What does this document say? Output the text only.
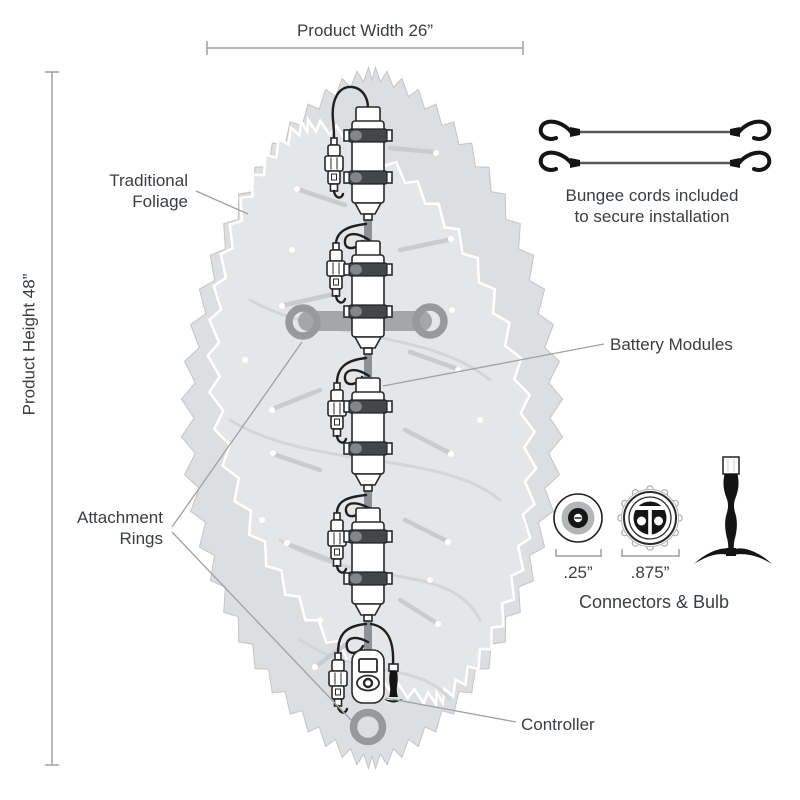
Product Width 26”
Product Height 48”
Traditional
Foliage
Battery Modules
Attachment
Rings
Controller
Bungee cords included
to secure installation
.25”	.875”
Connectors & Bulb
